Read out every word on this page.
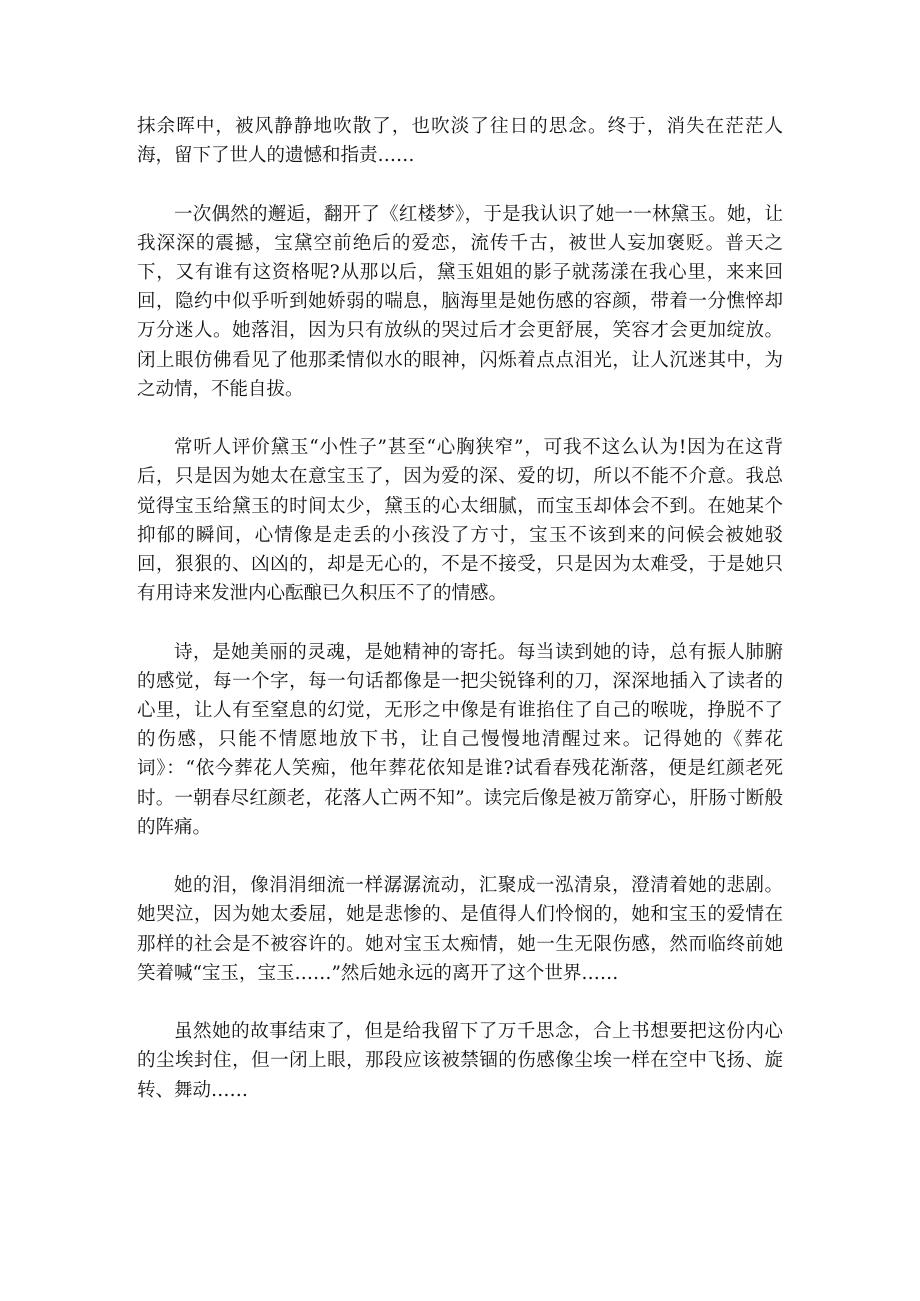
抹余晖中，被风静静地吹散了，也吹淡了往日的思念。终于，消失在茫茫人海，留下了世人的遗憾和指责……

一次偶然的邂逅，翻开了《红楼梦》，于是我认识了她一一林黛玉。她，让我深深的震撼，宝黛空前绝后的爱恋，流传千古，被世人妄加褒贬。普天之下，又有谁有这资格呢?从那以后，黛玉姐姐的影子就荡漾在我心里，来来回回，隐约中似乎听到她娇弱的喘息，脑海里是她伤感的容颜，带着一分憔悴却万分迷人。她落泪，因为只有放纵的哭过后才会更舒展，笑容才会更加绽放。闭上眼仿佛看见了他那柔情似水的眼神，闪烁着点点泪光，让人沉迷其中，为之动情，不能自拔。

常听人评价黛玉“小性子”甚至“心胸狭窄”，可我不这么认为!因为在这背后，只是因为她太在意宝玉了，因为爱的深、爱的切，所以不能不介意。我总觉得宝玉给黛玉的时间太少，黛玉的心太细腻，而宝玉却体会不到。在她某个抑郁的瞬间，心情像是走丢的小孩没了方寸，宝玉不该到来的问候会被她驳回，狠狠的、凶凶的，却是无心的，不是不接受，只是因为太难受，于是她只有用诗来发泄内心酝酿已久积压不了的情感。

诗，是她美丽的灵魂，是她精神的寄托。每当读到她的诗，总有振人肺腑的感觉，每一个字，每一句话都像是一把尖锐锋利的刀，深深地插入了读者的心里，让人有至窒息的幻觉，无形之中像是有谁掐住了自己的喉咙，挣脱不了的伤感，只能不情愿地放下书，让自己慢慢地清醒过来。记得她的《葬花词》：“依今葬花人笑痴，他年葬花依知是谁?试看春残花渐落，便是红颜老死时。一朝春尽红颜老，花落人亡两不知”。读完后像是被万箭穿心，肝肠寸断般的阵痛。

她的泪，像涓涓细流一样潺潺流动，汇聚成一泓清泉，澄清着她的悲剧。她哭泣，因为她太委屈，她是悲惨的、是值得人们怜悯的，她和宝玉的爱情在那样的社会是不被容许的。她对宝玉太痴情，她一生无限伤感，然而临终前她笑着喊“宝玉，宝玉……”然后她永远的离开了这个世界……

虽然她的故事结束了，但是给我留下了万千思念，合上书想要把这份内心的尘埃封住，但一闭上眼，那段应该被禁锢的伤感像尘埃一样在空中飞扬、旋转、舞动……
